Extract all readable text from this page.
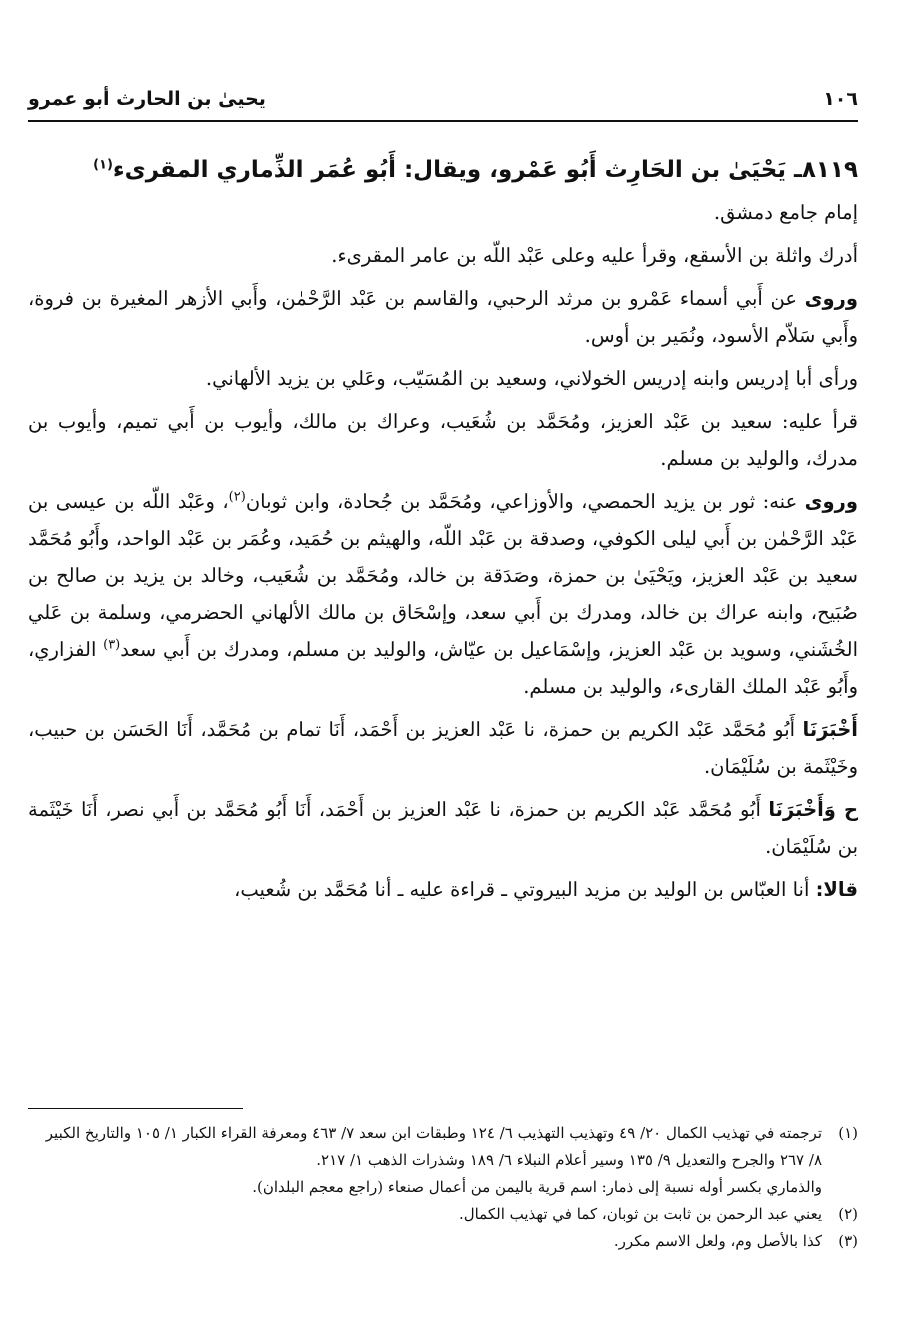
١٠٦
يحيىٰ بن الحارث أبو عمرو

٨١١٩ـ يَحْيَىٰ بن الحَارِث أَبُو عَمْرو، ويقال: أَبُو عُمَر الذِّماري المقرىء$^{(١)}$

إمام جامع دمشق.

أدرك واثلة بن الأسقع، وقرأ عليه وعلى عَبْد اللّه بن عامر المقرىء.

وروى عن أَبي أسماء عَمْرو بن مرثد الرحبي، والقاسم بن عَبْد الرَّحْمٰن، وأَبي الأزهر المغيرة بن فروة، وأَبي سَلاّم الأسود، ونُمَير بن أوس.

ورأى أبا إدريس وابنه إدريس الخولاني، وسعيد بن المُسَيّب، وعَلي بن يزيد الألهاني.

قرأ عليه: سعيد بن عَبْد العزيز، ومُحَمَّد بن شُعَيب، وعراك بن مالك، وأيوب بن أَبي تميم، وأيوب بن مدرك، والوليد بن مسلم.

وروى عنه: ثور بن يزيد الحمصي، والأوزاعي، ومُحَمَّد بن جُحادة، وابن ثوبان$^{(٢)}$، وعَبْد اللّه بن عيسى بن عَبْد الرَّحْمٰن بن أَبي ليلى الكوفي، وصدقة بن عَبْد اللّه، والهيثم بن حُمَيد، وعُمَر بن عَبْد الواحد، وأَبُو مُحَمَّد سعيد بن عَبْد العزيز، ويَحْيَىٰ بن حمزة، وصَدَقة بن خالد، ومُحَمَّد بن شُعَيب، وخالد بن يزيد بن صالح بن صُبَيح، وابنه عراك بن خالد، ومدرك بن أَبي سعد، وإسْحَاق بن مالك الألهاني الحضرمي، وسلمة بن عَلي الخُشَني، وسويد بن عَبْد العزيز، وإسْمَاعيل بن عيّاش، والوليد بن مسلم، ومدرك بن أَبي سعد$^{(٣)}$ الفزاري، وأَبُو عَبْد الملك القارىء، والوليد بن مسلم.

أَخْبَرَنَا أَبُو مُحَمَّد عَبْد الكريم بن حمزة، نا عَبْد العزيز بن أَحْمَد، أَنَا تمام بن مُحَمَّد، أَنَا الحَسَن بن حبيب، وخَيْثَمة بن سُلَيْمَان.

ح وَأَخْبَرَنَا أَبُو مُحَمَّد عَبْد الكريم بن حمزة، نا عَبْد العزيز بن أَحْمَد، أَنَا أَبُو مُحَمَّد بن أَبي نصر، أَنَا خَيْثَمة بن سُلَيْمَان.

قالا: أنا العبّاس بن الوليد بن مزيد البيروتي ـ قراءة عليه ـ أنا مُحَمَّد بن شُعيب،

(١)
ترجمته في تهذيب الكمال ٢٠/ ٤٩ وتهذيب التهذيب ٦/ ١٢٤ وطبقات ابن سعد ٧/ ٤٦٣ ومعرفة القراء الكبار ١/ ١٠٥ والتاريخ الكبير ٨/ ٢٦٧ والجرح والتعديل ٩/ ١٣٥ وسير أعلام النبلاء ٦/ ١٨٩ وشذرات الذهب ١/ ٢١٧.
والذماري بكسر أوله نسبة إلى ذمار: اسم قرية باليمن من أعمال صنعاء (راجع معجم البلدان).
(٢)
يعني عبد الرحمن بن ثابت بن ثوبان، كما في تهذيب الكمال.
(٣)
كذا بالأصل وم، ولعل الاسم مكرر.
